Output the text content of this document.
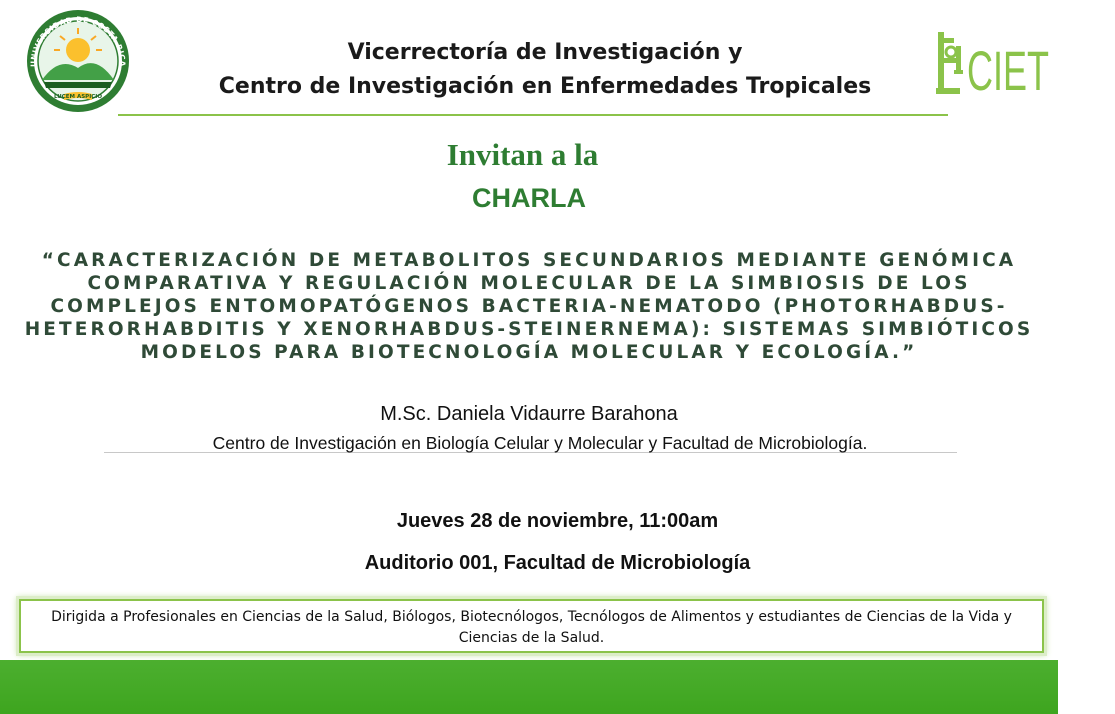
UNIVERSIDAD DE COSTA RICA
LUCEM ASPICIO
Vicerrectoría de Investigación y
Centro de Investigación en Enfermedades Tropicales	CIET
Invitan a la
CHARLA
“CARACTERIZACIÓN DE METABOLITOS SECUNDARIOS MEDIANTE GENÓMICA COMPARATIVA Y REGULACIÓN MOLECULAR DE LA SIMBIOSIS DE LOS COMPLEJOS ENTOMOPATÓGENOS BACTERIA-NEMATODO (PHOTORHABDUS-HETERORHABDITIS Y XENORHABDUS-STEINERNEMA): SISTEMAS SIMBIÓTICOS MODELOS PARA BIOTECNOLOGÍA MOLECULAR Y ECOLOGÍA.”
M.Sc. Daniela Vidaurre Barahona
Centro de Investigación en Biología Celular y Molecular y Facultad de Microbiología.
Jueves 28 de noviembre, 11:00am
Auditorio 001, Facultad de Microbiología
Dirigida a Profesionales en Ciencias de la Salud, Biólogos, Biotecnólogos, Tecnólogos de Alimentos y estudiantes de Ciencias de la Vida y Ciencias de la Salud.
